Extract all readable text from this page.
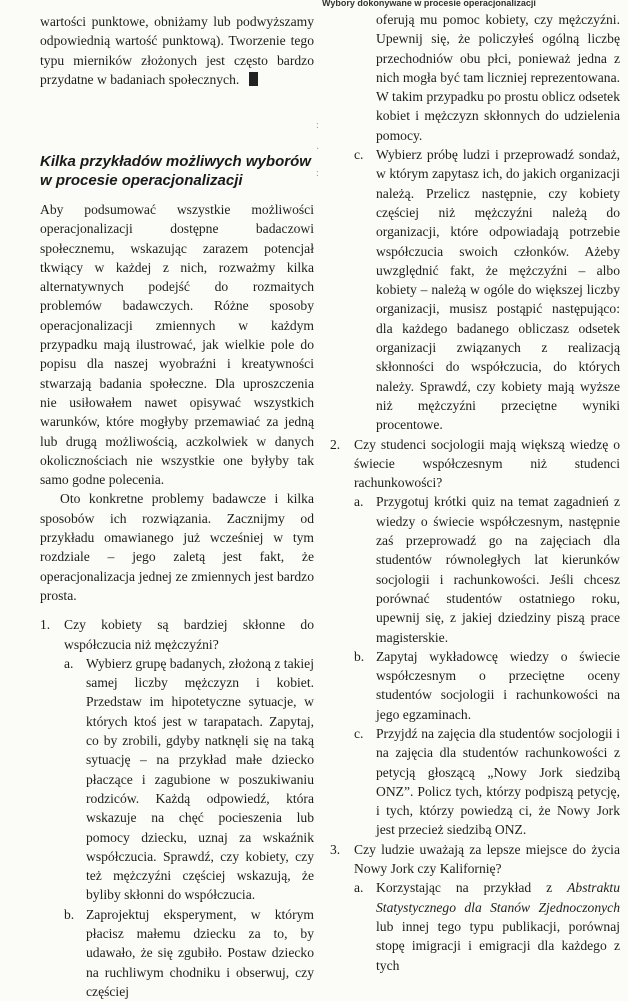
Wybory dokonywane w procesie operacjonalizacji

wartości punktowe, obniżamy lub podwyższamy odpowiednią wartość punktową). Tworzenie tego typu mierników złożonych jest często bardzo przydatne w badaniach społecznych.

Kilka przykładów możliwych wyborów w procesie operacjonalizacji

Aby podsumować wszystkie możliwości operacjonalizacji dostępne badaczowi społecznemu, wskazując zarazem potencjał tkwiący w każdej z nich, rozważmy kilka alternatywnych podejść do rozmaitych problemów badawczych. Różne sposoby operacjonalizacji zmiennych w każdym przypadku mają ilustrować, jak wielkie pole do popisu dla naszej wyobraźni i kreatywności stwarzają badania społeczne. Dla uproszczenia nie usiłowałem nawet opisywać wszystkich warunków, które mogłyby przemawiać za jedną lub drugą możliwością, aczkolwiek w danych okolicznościach nie wszystkie one byłyby tak samo godne polecenia.

Oto konkretne problemy badawcze i kilka sposobów ich rozwiązania. Zacznijmy od przykładu omawianego już wcześniej w tym rozdziale – jego zaletą jest fakt, że operacjonalizacja jednej ze zmiennych jest bardzo prosta.

1. Czy kobiety są bardziej skłonne do współczucia niż mężczyźni?
a. Wybierz grupę badanych, złożoną z takiej samej liczby mężczyzn i kobiet. Przedstaw im hipotetyczne sytuacje, w których ktoś jest w tarapatach. Zapytaj, co by zrobili, gdyby natknęli się na taką sytuację – na przykład małe dziecko płaczące i zagubione w poszukiwaniu rodziców. Każdą odpowiedź, która wskazuje na chęć pocieszenia lub pomocy dziecku, uznaj za wskaźnik współczucia. Sprawdź, czy kobiety, czy też mężczyźni częściej wskazują, że byliby skłonni do współczucia.
b. Zaprojektuj eksperyment, w którym płacisz małemu dziecku za to, by udawało, że się zgubiło. Postaw dziecko na ruchliwym chodniku i obserwuj, czy częściej
:

·

:
oferują mu pomoc kobiety, czy mężczyźni. Upewnij się, że policzyłeś ogólną liczbę przechodniów obu płci, ponieważ jedna z nich mogła być tam liczniej reprezentowana. W takim przypadku po prostu oblicz odsetek kobiet i mężczyzn skłonnych do udzielenia pomocy.
c. Wybierz próbę ludzi i przeprowadź sondaż, w którym zapytasz ich, do jakich organizacji należą. Przelicz następnie, czy kobiety częściej niż mężczyźni należą do organizacji, które odpowiadają potrzebie współczucia swoich członków. Ażeby uwzględnić fakt, że mężczyźni – albo kobiety – należą w ogóle do większej liczby organizacji, musisz postąpić następująco: dla każdego badanego obliczasz odsetek organizacji związanych z realizacją skłonności do współczucia, do których należy. Sprawdź, czy kobiety mają wyższe niż mężczyźni przeciętne wyniki procentowe.
2. Czy studenci socjologii mają większą wiedzę o świecie współczesnym niż studenci rachunkowości?
a. Przygotuj krótki quiz na temat zagadnień z wiedzy o świecie współczesnym, następnie zaś przeprowadź go na zajęciach dla studentów równoległych lat kierunków socjologii i rachunkowości. Jeśli chcesz porównać studentów ostatniego roku, upewnij się, z jakiej dziedziny piszą prace magisterskie.
b. Zapytaj wykładowcę wiedzy o świecie współczesnym o przeciętne oceny studentów socjologii i rachunkowości na jego egzaminach.
c. Przyjdź na zajęcia dla studentów socjologii i na zajęcia dla studentów rachunkowości z petycją głoszącą „Nowy Jork siedzibą ONZ”. Policz tych, którzy podpiszą petycję, i tych, którzy powiedzą ci, że Nowy Jork jest przecież siedzibą ONZ.
3. Czy ludzie uważają za lepsze miejsce do życia Nowy Jork czy Kalifornię?
a. Korzystając na przykład z Abstraktu Statystycznego dla Stanów Zjednoczonych lub innej tego typu publikacji, porównaj stopę imigracji i emigracji dla każdego z tych
